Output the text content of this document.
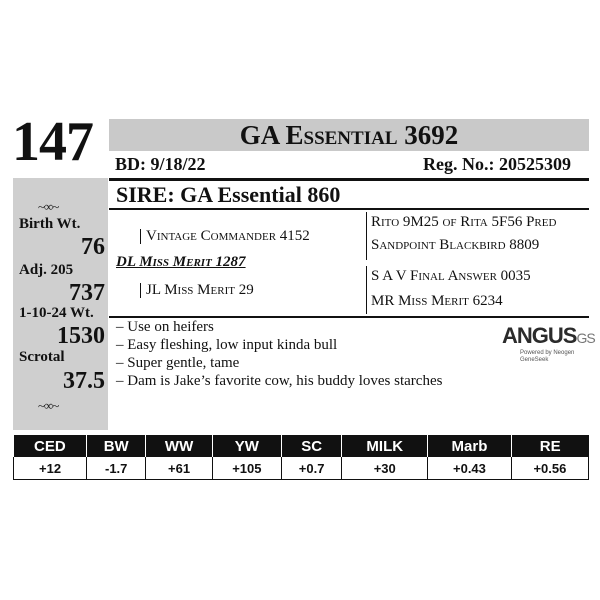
147	GA Essential 3692
BD: 9/18/22	Reg. No.: 20525309
~∞~
Birth Wt.
76
Adj. 205
737
1-10-24 Wt.
1530
Scrotal
37.5
~∞~
SIRE: GA Essential 860
Vintage Commander 4152
DL Miss Merit 1287
JL Miss Merit 29
Rito 9M25 of Rita 5F56 Pred
Sandpoint Blackbird 8809
S A V Final Answer 0035
MR Miss Merit 6234
– Use on heifers
– Easy fleshing, low input kinda bull
– Super gentle, tame
– Dam is Jake’s favorite cow, his buddy loves starches
ANGUSGS
Powered by Neogen GeneSeek
CED	BW	WW	YW	SC	MILK	Marb	RE
+12	-1.7	+61	+105	+0.7	+30	+0.43	+0.56
